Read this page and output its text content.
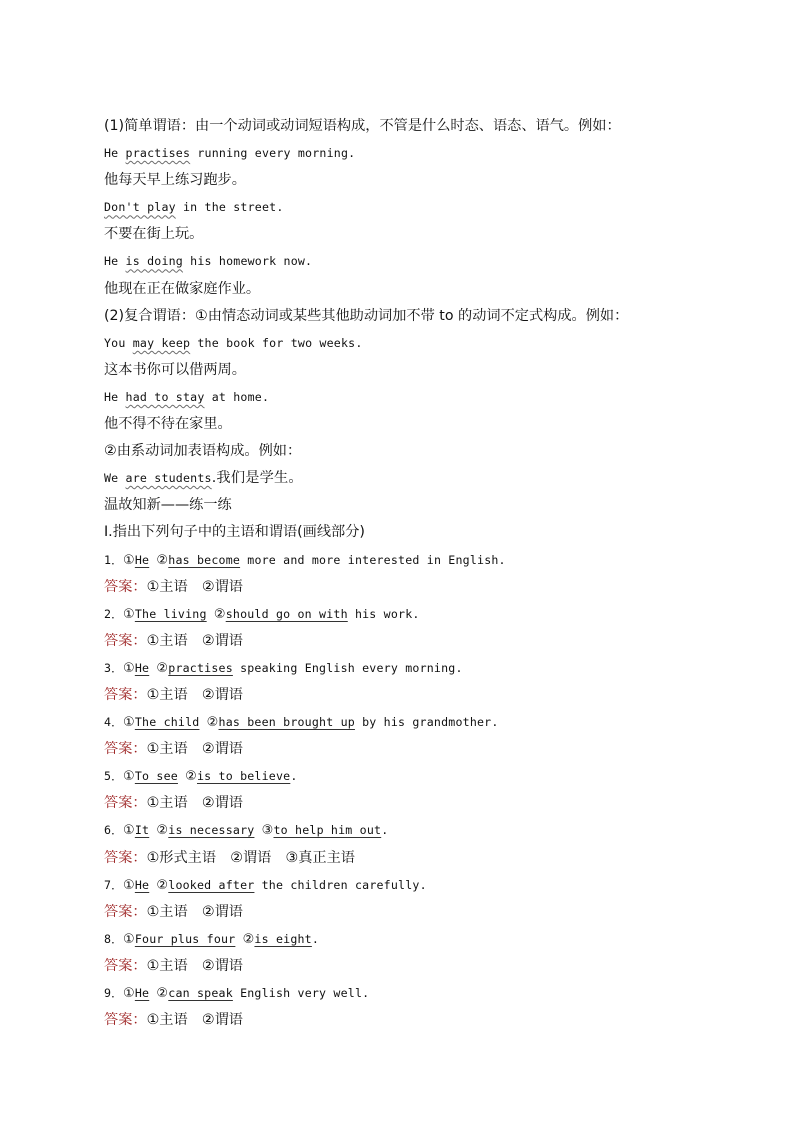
(1)简单谓语：由一个动词或动词短语构成，不管是什么时态、语态、语气。例如：
He practises running every morning.
他每天早上练习跑步。
Don't play in the street.
不要在街上玩。
He is doing his homework now.
他现在正在做家庭作业。
(2)复合谓语：①由情态动词或某些其他助动词加不带 to 的动词不定式构成。例如：
You may keep the book for two weeks.
这本书你可以借两周。
He had to stay at home.
他不得不待在家里。
②由系动词加表语构成。例如：
We are students.我们是学生。
温故知新——练一练
Ⅰ.指出下列句子中的主语和谓语(画线部分)
1．①He ②has become more and more interested in English.
答案：①主语　②谓语
2．①The living ②should go on with his work.
答案：①主语　②谓语
3．①He ②practises speaking English every morning.
答案：①主语　②谓语
4．①The child ②has been brought up by his grandmother.
答案：①主语　②谓语
5．①To see ②is to believe.
答案：①主语　②谓语
6．①It ②is necessary ③to help him out.
答案：①形式主语　②谓语　③真正主语
7．①He ②looked after the children carefully.
答案：①主语　②谓语
8．①Four plus four ②is eight.
答案：①主语　②谓语
9．①He ②can speak English very well.
答案：①主语　②谓语
